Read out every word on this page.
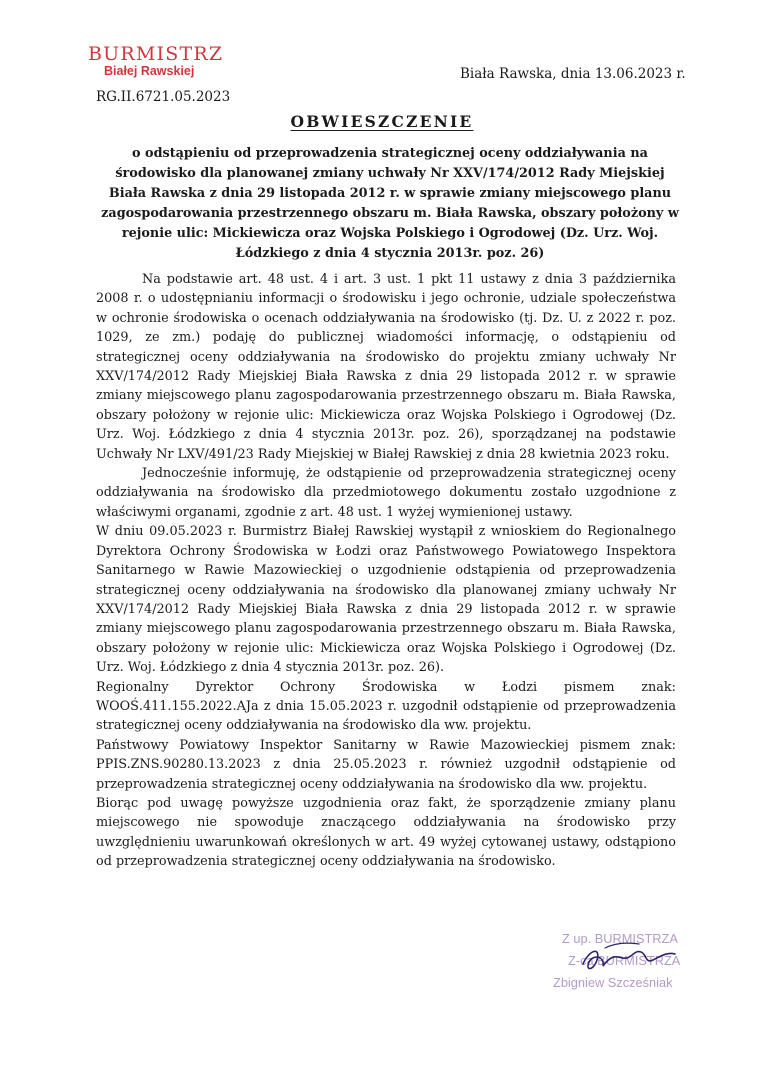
BURMISTRZ
Białej Rawskiej
RG.II.6721.05.2023
Biała Rawska, dnia 13.06.2023 r.
OBWIESZCZENIE
o odstąpieniu od przeprowadzenia strategicznej oceny oddziaływania na środowisko dla planowanej zmiany uchwały Nr XXV/174/2012 Rady Miejskiej Biała Rawska z dnia 29 listopada 2012 r. w sprawie zmiany miejscowego planu zagospodarowania przestrzennego obszaru m. Biała Rawska, obszary położony w rejonie ulic: Mickiewicza oraz Wojska Polskiego i Ogrodowej (Dz. Urz. Woj. Łódzkiego z dnia 4 stycznia 2013r. poz. 26)

Na podstawie art. 48 ust. 4 i art. 3 ust. 1 pkt 11 ustawy z dnia 3 października 2008 r. o udostępnianiu informacji o środowisku i jego ochronie, udziale społeczeństwa w ochronie środowiska o ocenach oddziaływania na środowisko (tj. Dz. U. z 2022 r. poz. 1029, ze zm.) podaję do publicznej wiadomości informację, o odstąpieniu od strategicznej oceny oddziaływania na środowisko do projektu zmiany uchwały Nr XXV/174/2012 Rady Miejskiej Biała Rawska z dnia 29 listopada 2012 r. w sprawie zmiany miejscowego planu zagospodarowania przestrzennego obszaru m. Biała Rawska, obszary położony w rejonie ulic: Mickiewicza oraz Wojska Polskiego i Ogrodowej (Dz. Urz. Woj. Łódzkiego z dnia 4 stycznia 2013r. poz. 26), sporządzanej na podstawie Uchwały Nr LXV/491/23 Rady Miejskiej w Białej Rawskiej z dnia 28 kwietnia 2023 roku.

Jednocześnie informuję, że odstąpienie od przeprowadzenia strategicznej oceny oddziaływania na środowisko dla przedmiotowego dokumentu zostało uzgodnione z właściwymi organami, zgodnie z art. 48 ust. 1 wyżej wymienionej ustawy.

W dniu 09.05.2023 r. Burmistrz Białej Rawskiej wystąpił z wnioskiem do Regionalnego Dyrektora Ochrony Środowiska w Łodzi oraz Państwowego Powiatowego Inspektora Sanitarnego w Rawie Mazowieckiej o uzgodnienie odstąpienia od przeprowadzenia strategicznej oceny oddziaływania na środowisko dla planowanej zmiany uchwały Nr XXV/174/2012 Rady Miejskiej Biała Rawska z dnia 29 listopada 2012 r. w sprawie zmiany miejscowego planu zagospodarowania przestrzennego obszaru m. Biała Rawska, obszary położony w rejonie ulic: Mickiewicza oraz Wojska Polskiego i Ogrodowej (Dz. Urz. Woj. Łódzkiego z dnia 4 stycznia 2013r. poz. 26).

Regionalny Dyrektor Ochrony Środowiska w Łodzi pismem znak: WOOŚ.411.155.2022.AJa z dnia 15.05.2023 r. uzgodnił odstąpienie od przeprowadzenia strategicznej oceny oddziaływania na środowisko dla ww. projektu.

Państwowy Powiatowy Inspektor Sanitarny w Rawie Mazowieckiej pismem znak: PPIS.ZNS.90280.13.2023 z dnia 25.05.2023 r. również uzgodnił odstąpienie od przeprowadzenia strategicznej oceny oddziaływania na środowisko dla ww. projektu.

Biorąc pod uwagę powyższe uzgodnienia oraz fakt, że sporządzenie zmiany planu miejscowego nie spowoduje znaczącego oddziaływania na środowisko przy uwzględnieniu uwarunkowań określonych w art. 49 wyżej cytowanej ustawy, odstąpiono od przeprowadzenia strategicznej oceny oddziaływania na środowisko.

Z up. BURMISTRZA
Z-ca BURMISTRZA
Zbigniew Szcześniak
